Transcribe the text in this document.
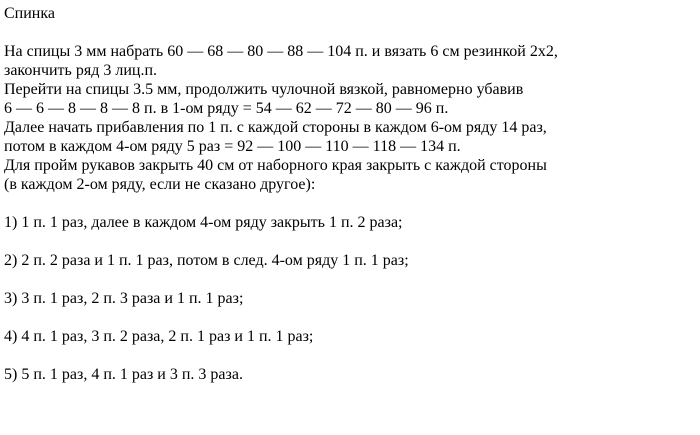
Спинка
На спицы 3 мм набрать 60 — 68 — 80 — 88 — 104 п. и вязать 6 см резинкой 2х2,
закончить ряд 3 лиц.п.
Перейти на спицы 3.5 мм, продолжить чулочной вязкой, равномерно убавив
6 — 6 — 8 — 8 — 8 п. в 1-ом ряду = 54 — 62 — 72 — 80 — 96 п.
Далее начать прибавления по 1 п. с каждой стороны в каждом 6-ом ряду 14 раз,
потом в каждом 4-ом ряду 5 раз = 92 — 100 — 110 — 118 — 134 п.
Для пройм рукавов закрыть 40 см от наборного края закрыть с каждой стороны
(в каждом 2-ом ряду, если не сказано другое):
1) 1 п. 1 раз, далее в каждом 4-ом ряду закрыть 1 п. 2 раза;
2) 2 п. 2 раза и 1 п. 1 раз, потом в след. 4-ом ряду 1 п. 1 раз;
3) 3 п. 1 раз, 2 п. 3 раза и 1 п. 1 раз;
4) 4 п. 1 раз, 3 п. 2 раза, 2 п. 1 раз и 1 п. 1 раз;
5) 5 п. 1 раз, 4 п. 1 раз и 3 п. 3 раза.
